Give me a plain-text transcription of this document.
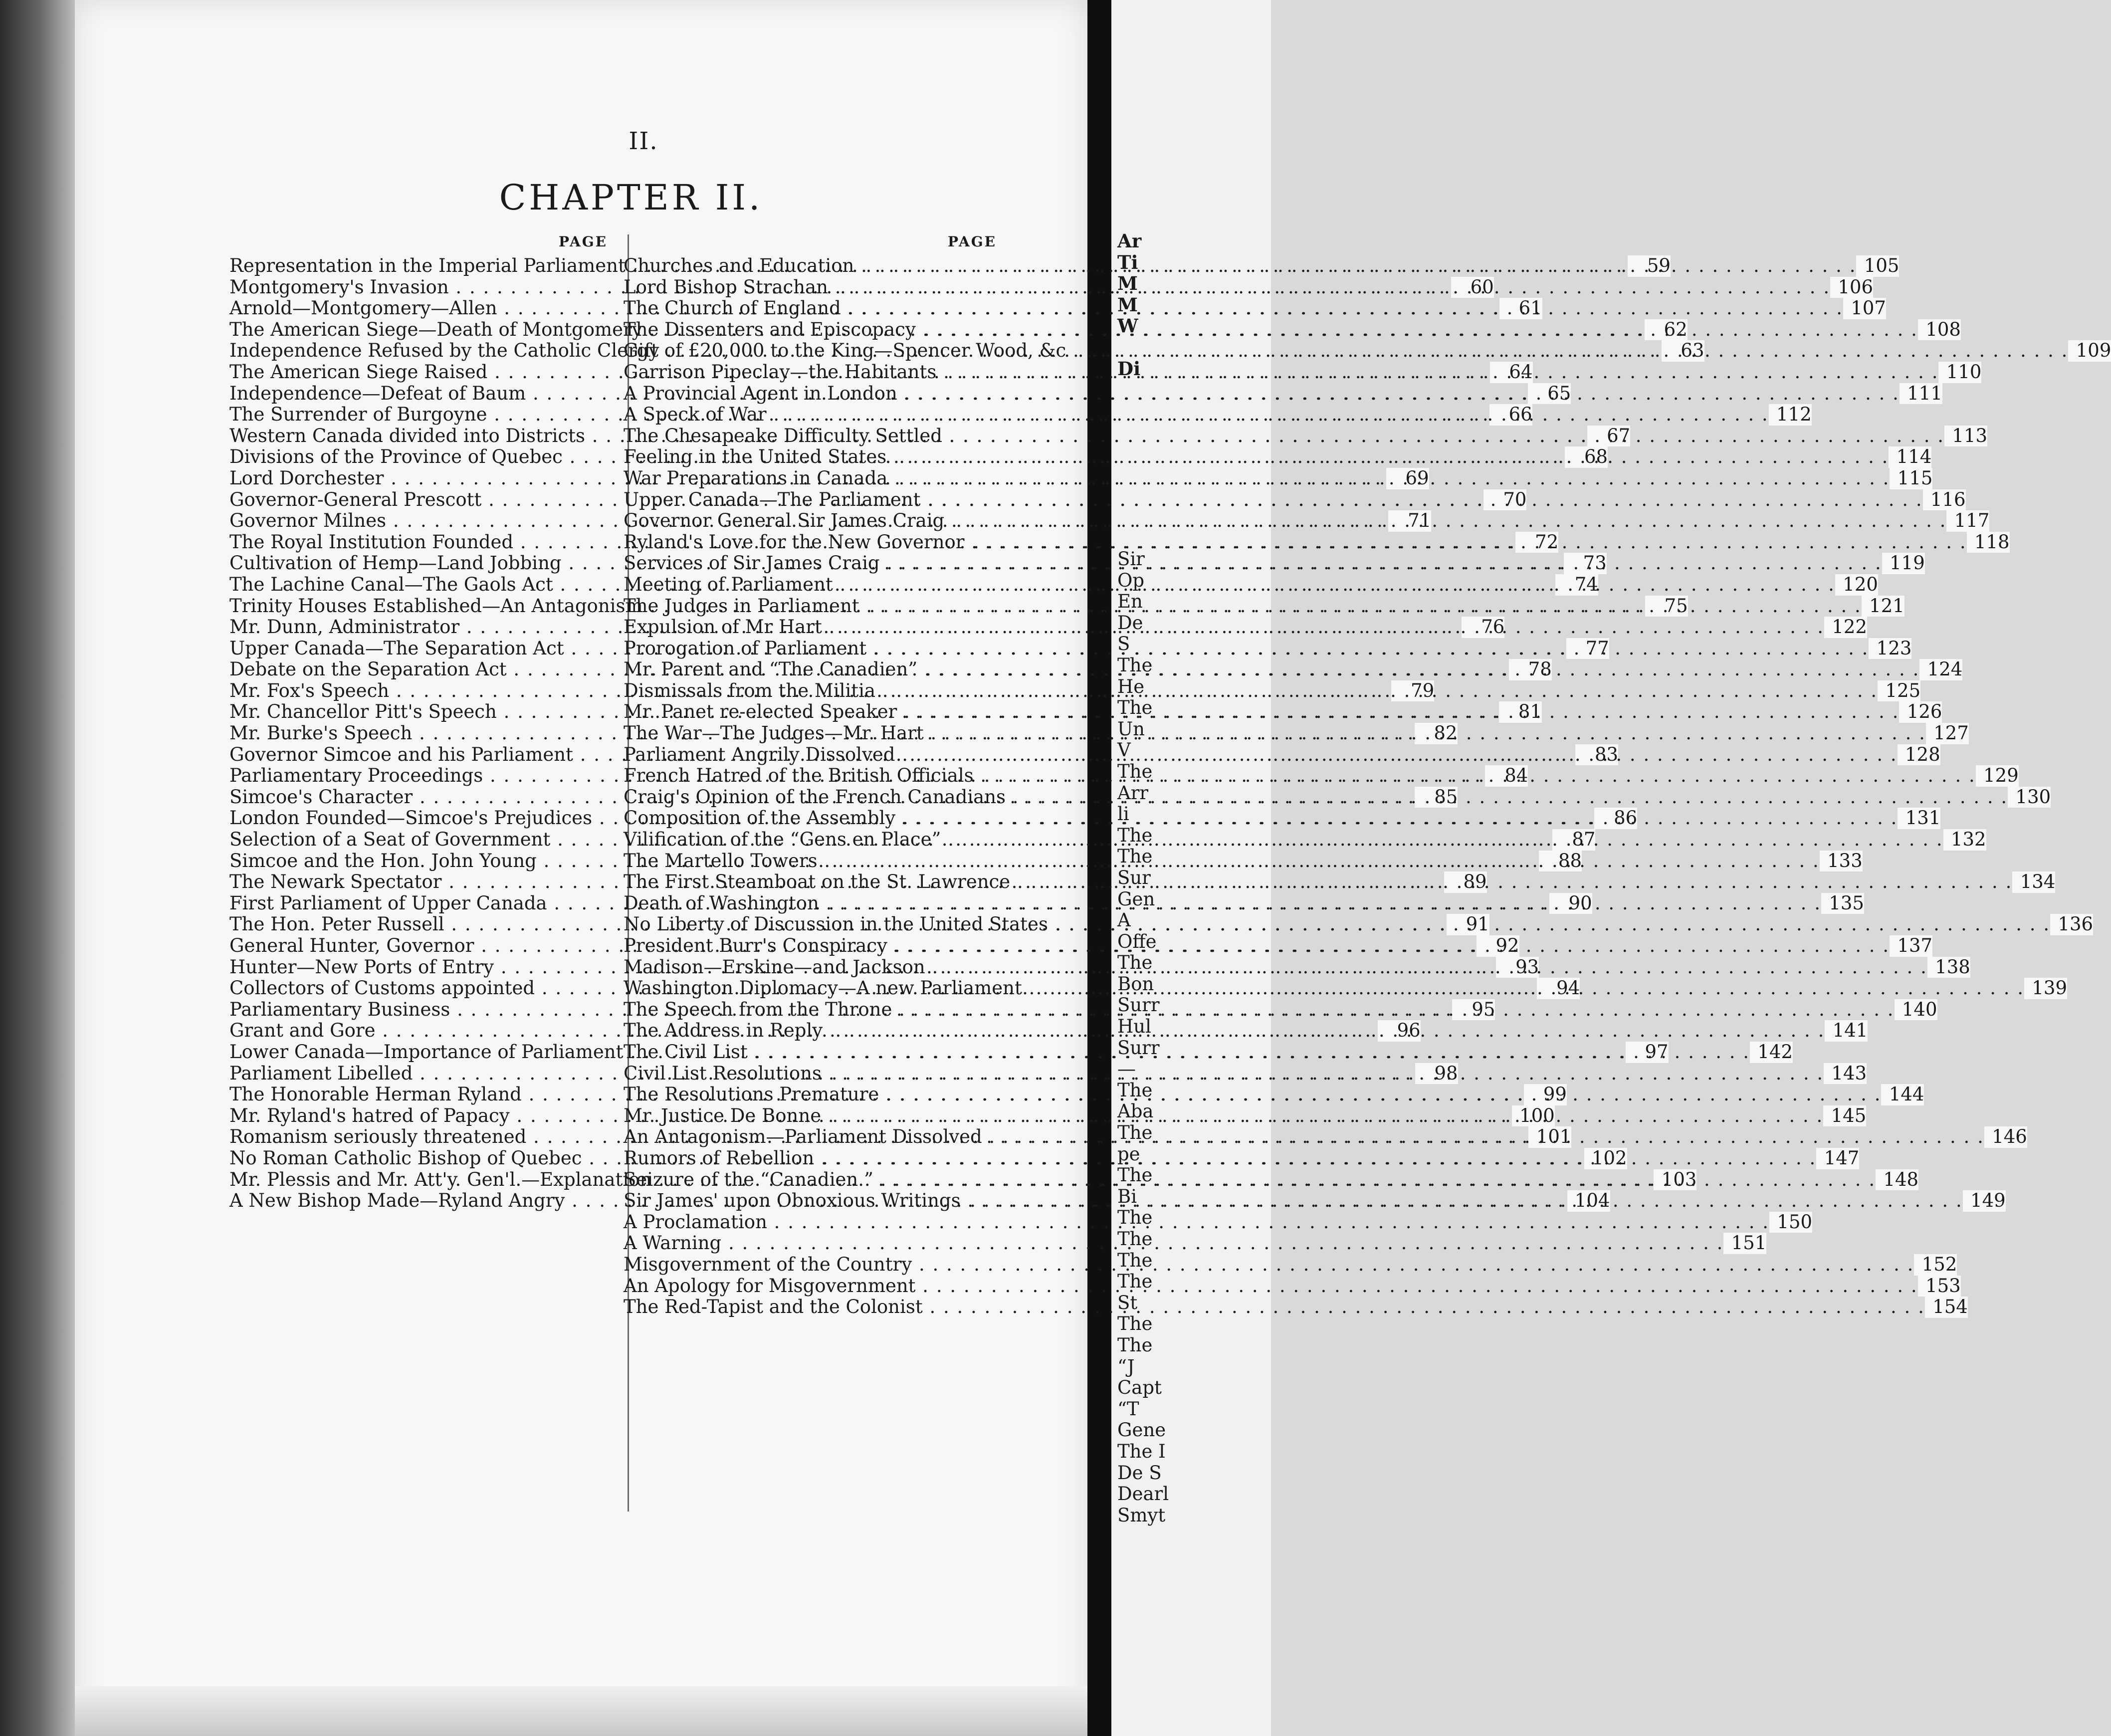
II.
CHAPTER II.
PAGE	PAGE
Representation in the Imperial Parliament . . .	59
Montgomery's Invasion . . .	60
Arnold—Montgomery—Allen . . .	61
The American Siege—Death of Montgomery . . .	62
Independence Refused by the Catholic Clergy . . .	63
The American Siege Raised . . .	64
Independence—Defeat of Baum . . .	65
The Surrender of Burgoyne . . .	66
Western Canada divided into Districts . . .	67
Divisions of the Province of Quebec . . .	68
Lord Dorchester . . .	69
Governor-General Prescott . . .	70
Governor Milnes . . .	71
The Royal Institution Founded . . .	72
Cultivation of Hemp—Land Jobbing . . .	73
The Lachine Canal—The Gaols Act . . .	74
Trinity Houses Established—An Antagonism . . .	75
Mr. Dunn, Administrator . . .	76
Upper Canada—The Separation Act . . .	77
Debate on the Separation Act . . .	78
Mr. Fox's Speech . . .	79
Mr. Chancellor Pitt's Speech . . .	81
Mr. Burke's Speech . . .	82
Governor Simcoe and his Parliament . . .	83
Parliamentary Proceedings . . .	84
Simcoe's Character . . .	85
London Founded—Simcoe's Prejudices . . .	86
Selection of a Seat of Government . . .	87
Simcoe and the Hon. John Young . . .	88
The Newark Spectator . . .	89
First Parliament of Upper Canada . . .	90
The Hon. Peter Russell . . .	91
General Hunter, Governor . . .	92
Hunter—New Ports of Entry . . .	93
Collectors of Customs appointed . . .	94
Parliamentary Business . . .	95
Grant and Gore . . .	96
Lower Canada—Importance of Parliament . . .	97
Parliament Libelled . . .	98
The Honorable Herman Ryland . . .	99
Mr. Ryland's hatred of Papacy . . .	100
Romanism seriously threatened . . .	101
No Roman Catholic Bishop of Quebec . . .	102
Mr. Plessis and Mr. Att'y. Gen'l.—Explanation . . .	103
A New Bishop Made—Ryland Angry . . .	104
Churches and Education . . .	105
Lord Bishop Strachan . . .	106
The Church of England . . .	107
The Dissenters and Episcopacy . . .	108
Gift of £20,000 to the King—Spencer Wood, &c . . .	109
Garrison Pipeclay—the Habitants . . .	110
A Provincial Agent in London . . .	111
A Speck of War . . .	112
The Chesapeake Difficulty Settled . . .	113
Feeling in the United States . . .	114
War Preparations in Canada . . .	115
Upper Canada—The Parliament . . .	116
Governor General Sir James Craig . . .	117
Ryland's Love for the New Governor . . .	118
Services of Sir James Craig . . .	119
Meeting of Parliament . . .	120
The Judges in Parliament . . .	121
Expulsion of Mr Hart . . .	122
Prorogation of Parliament . . .	123
Mr. Parent and “The Canadien” . . .	124
Dismissals from the Militia . . .	125
Mr. Panet re-elected Speaker . . .	126
The War—The Judges—Mr. Hart . . .	127
Parliament Angrily Dissolved . . .	128
French Hatred of the British Officials . . .	129
Craig's Opinion of the French Canadians . . .	130
Composition of the Assembly . . .	131
Vilification of the “Gens en Place” . . .	132
The Martello Towers . . .	133
The First Steamboat on the St. Lawrence . . .	134
Death of Washington . . .	135
No Liberty of Discussion in the United States . . .	136
President Burr's Conspiracy . . .	137
Madison—Erskine—and Jackson . . .	138
Washington Diplomacy—A new Parliament . . .	139
The Speech from the Throne . . .	140
The Address in Reply . . .	141
The Civil List . . .	142
Civil List Resolutions . . .	143
The Resolutions Premature . . .	144
Mr. Justice De Bonne . . .	145
An Antagonism—Parliament Dissolved . . .	146
Rumors of Rebellion . . .	147
Seizure of the “Canadien.” . . .	148
Sir James' upon Obnoxious Writings . . .	149
A Proclamation . . .	150
A Warning . . .	151
Misgovernment of the Country . . .	152
An Apology for Misgovernment . . .	153
The Red-Tapist and the Colonist . . .	154
Ar
Ti
M
M
W

Di
Sir
Op
En
De
S
The
He
The
Un
V
The
Arr
li
The
The
Sur
Gen
A
Offe
The
Bon
Surr
Hul
Surr
—
The
Aba
The
pe
The
Bi
The
The
The
The
St
The
The
“J
Capt
“T
Gene
The I
De S
Dearl
Smyt
